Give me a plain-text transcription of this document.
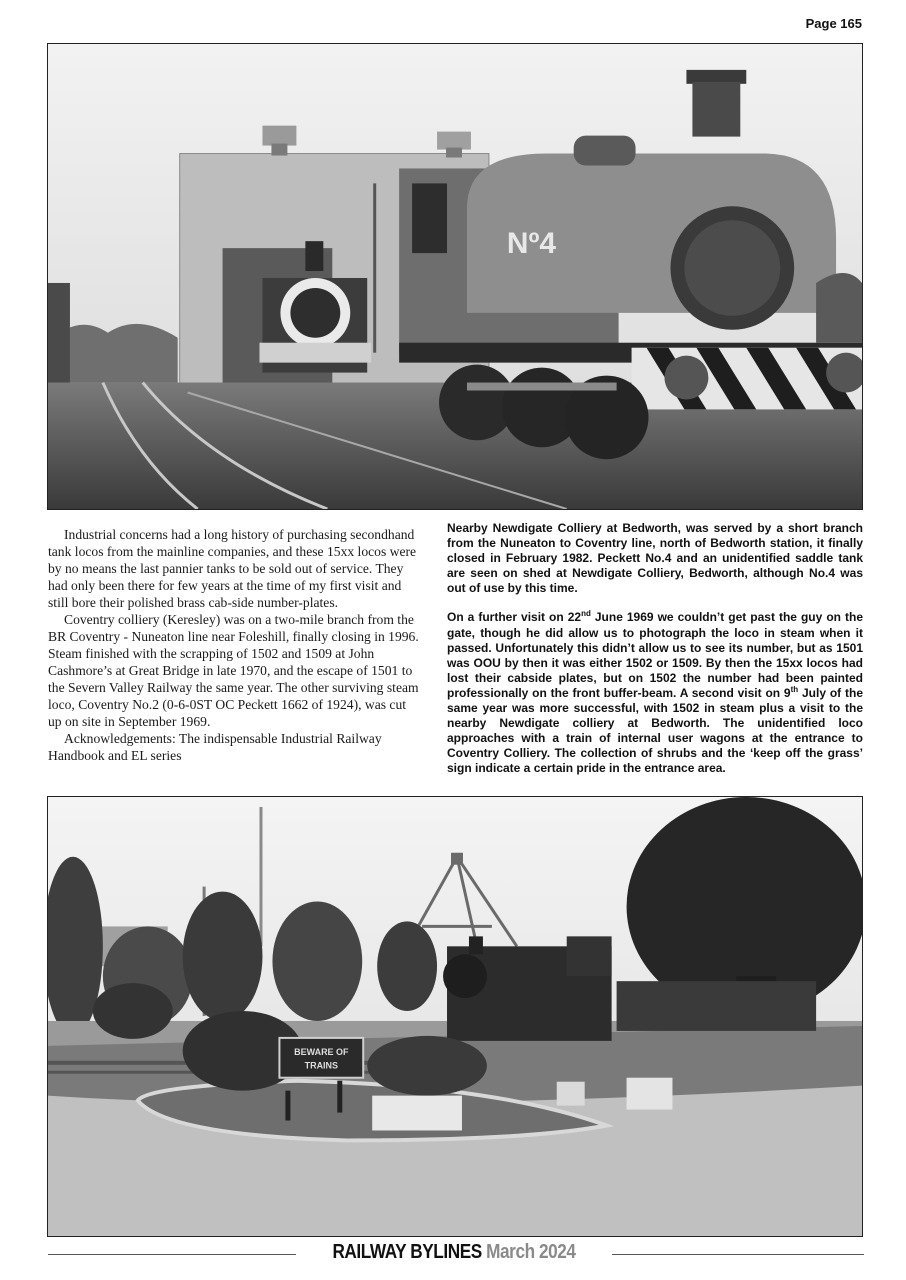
Page 165
Nº4

Industrial concerns had a long history of purchasing secondhand tank locos from the mainline companies, and these 15xx locos were by no means the last pannier tanks to be sold out of service. They had only been there for few years at the time of my first visit and still bore their polished brass cab-side number-plates.

Coventry colliery (Keresley) was on a two-mile branch from the BR Coventry - Nuneaton line near Foleshill, finally closing in 1996. Steam finished with the scrapping of 1502 and 1509 at John Cashmore’s at Great Bridge in late 1970, and the escape of 1501 to the Severn Valley Railway the same year. The other surviving steam loco, Coventry No.2 (0-6-0ST OC Peckett 1662 of 1924), was cut up on site in September 1969.

Acknowledgements: The indispensable Industrial Railway Handbook and EL series

Nearby Newdigate Colliery at Bedworth, was served by a short branch from the Nuneaton to Coventry line, north of Bedworth station, it finally closed in February 1982. Peckett No.4 and an unidentified saddle tank are seen on shed at Newdigate Colliery, Bedworth, although No.4 was out of use by this time.

On a further visit on 22nd June 1969 we couldn’t get past the guy on the gate, though he did allow us to photograph the loco in steam when it passed. Unfortunately this didn’t allow us to see its number, but as 1501 was OOU by then it was either 1502 or 1509. By then the 15xx locos had lost their cabside plates, but on 1502 the number had been painted professionally on the front buffer-beam. A second visit on 9th July of the same year was more successful, with 1502 in steam plus a visit to the nearby Newdigate colliery at Bedworth. The unidentified loco approaches with a train of internal user wagons at the entrance to Coventry Colliery. The collection of shrubs and the ‘keep off the grass’ sign indicate a certain pride in the entrance area.

BEWARE OF
TRAINS
RAILWAY BYLINES March 2024
